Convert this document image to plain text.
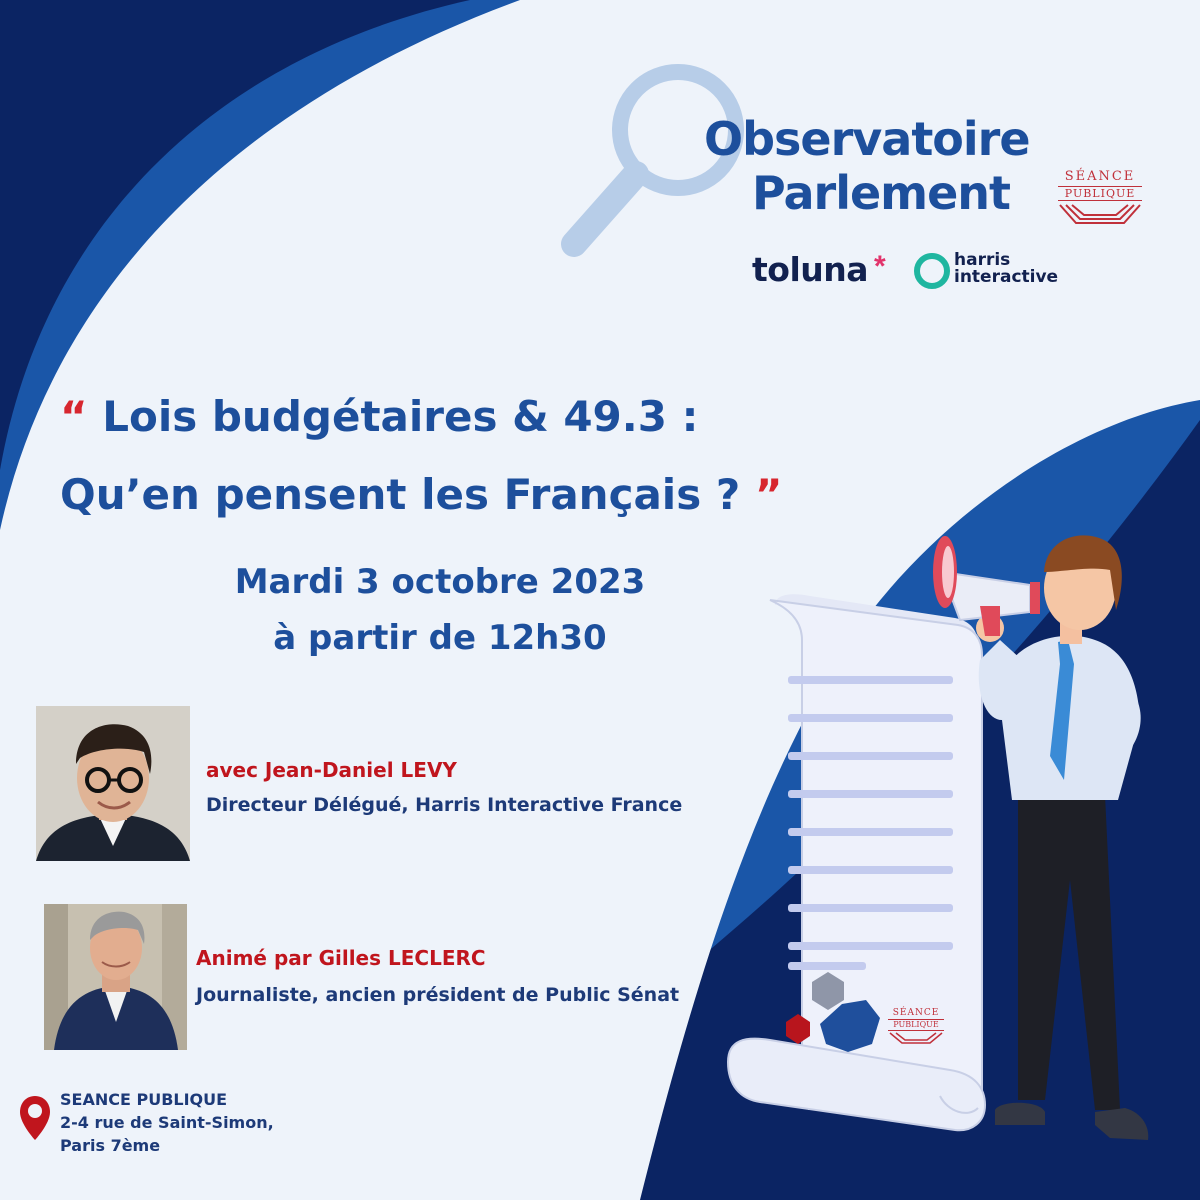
Observatoire
Parlement	SÉANCE
PUBLIQUE
toluna *	harris
interactive
“ Lois budgétaires & 49.3 :
Qu’en pensent les Français ? ”
Mardi 3 octobre 2023
à partir de 12h30
SÉANCE
PUBLIQUE
avec Jean-Daniel LEVY
Directeur Délégué, Harris Interactive France
Animé par Gilles LECLERC
Journaliste, ancien président de Public Sénat
SEANCE PUBLIQUE
2-4 rue de Saint-Simon,
Paris 7ème
